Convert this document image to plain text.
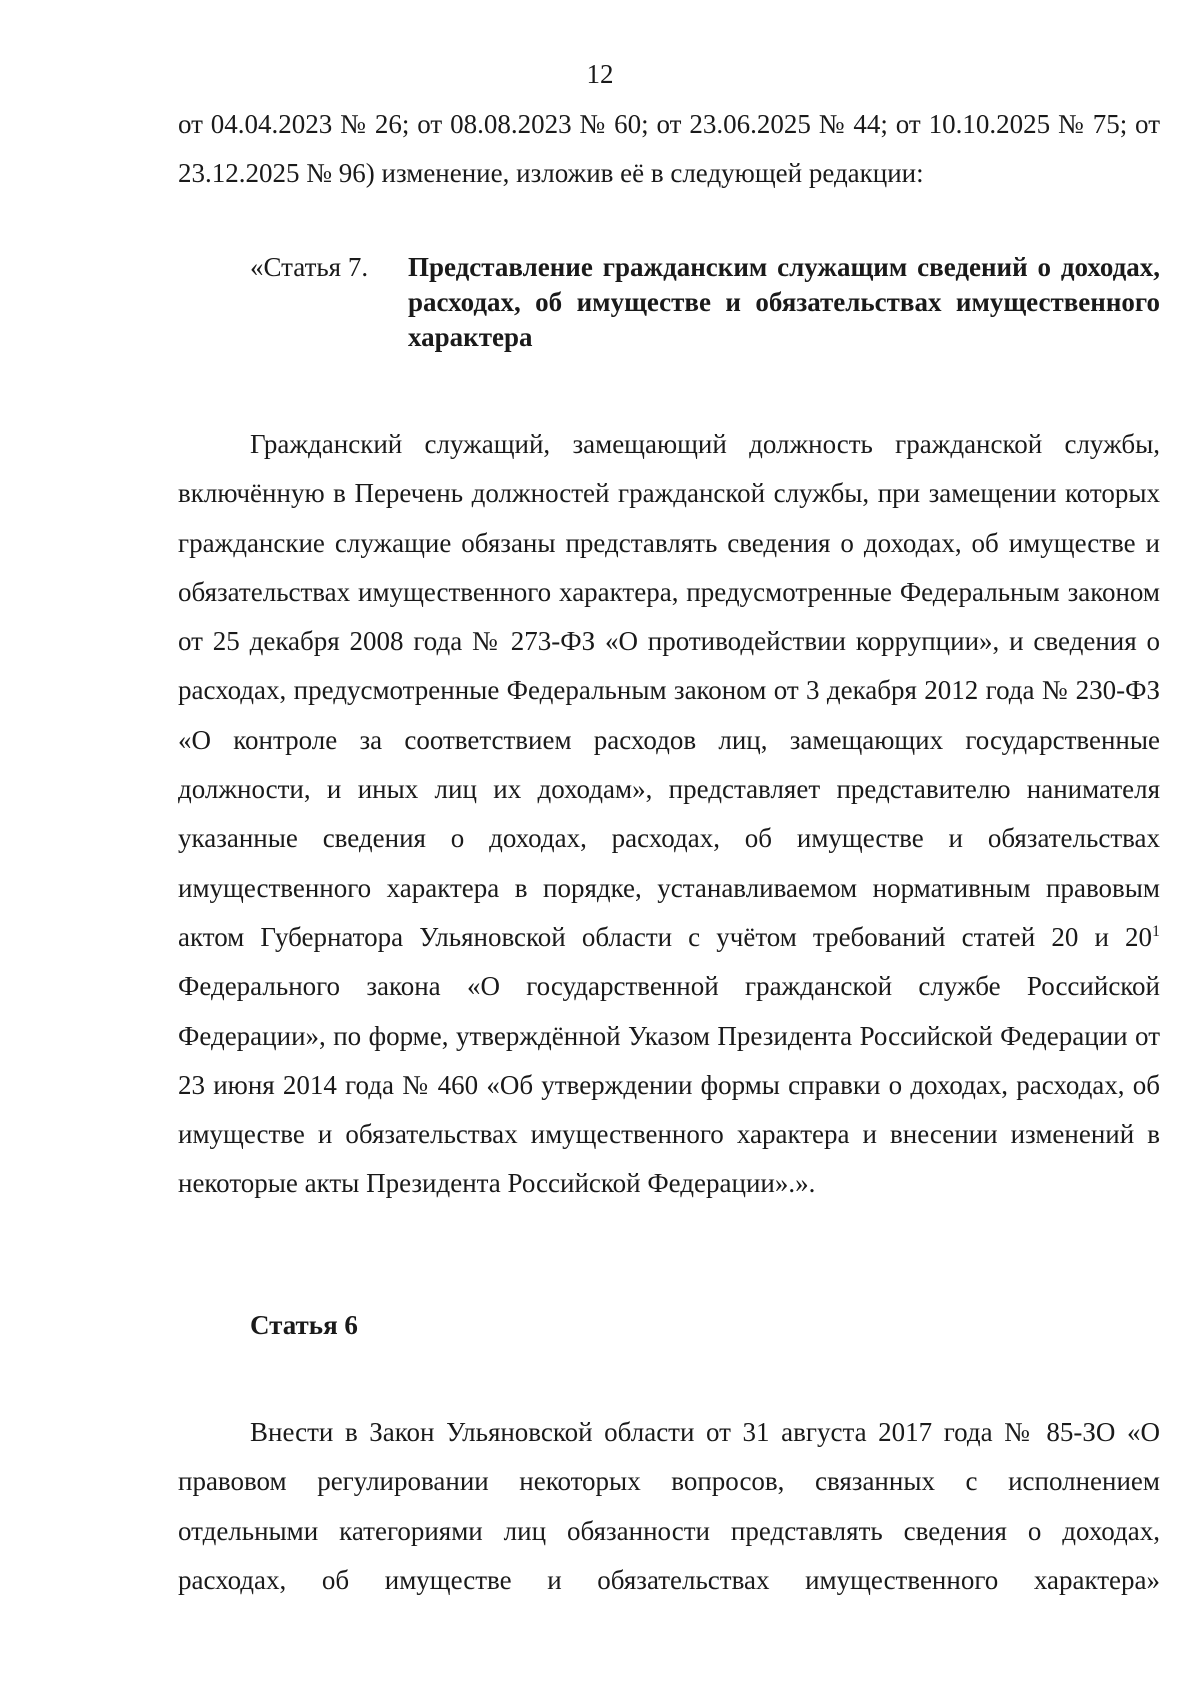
12

от 04.04.2023 № 26; от 08.08.2023 № 60; от 23.06.2025 № 44; от 10.10.2025 № 75; от 23.12.2025 № 96) изменение, изложив её в следующей редакции:

«Статья 7.	Представление гражданским служащим сведений о доходах, расходах, об имуществе и обязательствах имущественного характера

Гражданский служащий, замещающий должность гражданской службы, включённую в Перечень должностей гражданской службы, при замещении которых гражданские служащие обязаны представлять сведения о доходах, об имуществе и обязательствах имущественного характера, предусмотренные Федеральным законом от 25 декабря 2008 года № 273-ФЗ «О противодействии коррупции», и сведения о расходах, предусмотренные Федеральным законом от 3 декабря 2012 года № 230-ФЗ «О контроле за соответствием расходов лиц, замещающих государственные должности, и иных лиц их доходам», представляет представителю нанимателя указанные сведения о доходах, расходах, об имуществе и обязательствах имущественного характера в порядке, устанавливаемом нормативным правовым актом Губернатора Ульяновской области с учётом требований статей 20 и $20^1$ Федерального закона «О государственной гражданской службе Российской Федерации», по форме, утверждённой Указом Президента Российской Федерации от 23 июня 2014 года № 460 «Об утверждении формы справки о доходах, расходах, об имуществе и обязательствах имущественного характера и внесении изменений в некоторые акты Президента Российской Федерации».».

Статья 6

Внести в Закон Ульяновской области от 31 августа 2017 года № 85-ЗО «О правовом регулировании некоторых вопросов, связанных с исполнением отдельными категориями лиц обязанности представлять сведения о доходах, расходах, об имуществе и обязательствах имущественного характера»
